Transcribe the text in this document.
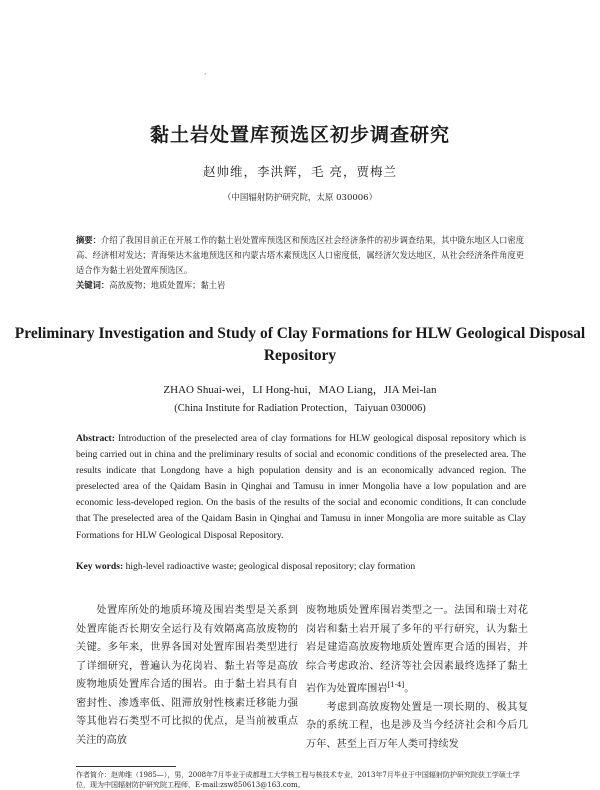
·
黏土岩处置库预选区初步调查研究
赵帅维，李洪辉，毛 亮，贾梅兰
（中国辐射防护研究院，太原 030006）
摘要：介绍了我国目前正在开展工作的黏土岩处置库预选区和预选区社会经济条件的初步调查结果，其中陇东地区人口密度高、经济相对发达；青海柴达木盆地预选区和内蒙古塔木素预选区人口密度低，属经济欠发达地区，从社会经济条件角度更适合作为黏土岩处置库预选区。
关键词：高放废物；地质处置库；黏土岩
Preliminary Investigation and Study of Clay Formations for HLW Geological Disposal Repository
ZHAO Shuai-wei，LI Hong-hui，MAO Liang，JIA Mei-lan
(China Institute for Radiation Protection，Taiyuan 030006)
Abstract: Introduction of the preselected area of clay formations for HLW geological disposal repository which is being carried out in china and the preliminary results of social and economic conditions of the preselected area. The results indicate that Longdong have a high population density and is an economically advanced region. The preselected area of the Qaidam Basin in Qinghai and Tamusu in inner Mongolia have a low population and are economic less-developed region. On the basis of the results of the social and economic conditions, It can conclude that The preselected area of the Qaidam Basin in Qinghai and Tamusu in inner Mongolia are more suitable as Clay Formations for HLW Geological Disposal Repository.
Key words: high-level radioactive waste; geological disposal repository; clay formation

处置库所处的地质环境及围岩类型是关系到处置库能否长期安全运行及有效隔离高放废物的关键。多年来，世界各国对处置库围岩类型进行了详细研究，普遍认为花岗岩、黏土岩等是高放废物地质处置库合适的围岩。由于黏土岩具有自密封性、渗透率低、阻滞放射性核素迁移能力强等其他岩石类型不可比拟的优点，是当前被重点关注的高放

废物地质处置库围岩类型之一。法国和瑞士对花岗岩和黏土岩开展了多年的平行研究，认为黏土岩是建造高放废物地质处置库更合适的围岩，并综合考虑政治、经济等社会因素最终选择了黏土岩作为处置库围岩[1-4]。

考虑到高放废物处置是一项长期的、极其复杂的系统工程，也是涉及当今经济社会和今后几万年、甚至上百万年人类可持续发

作者简介：赵帅维（1985—），男，2008年7月毕业于成都理工大学核工程与核技术专业，2013年7月毕业于中国辐射防护研究院获工学硕士学位，现为中国辐射防护研究院工程师，E-mail:zsw850613@163.com。
